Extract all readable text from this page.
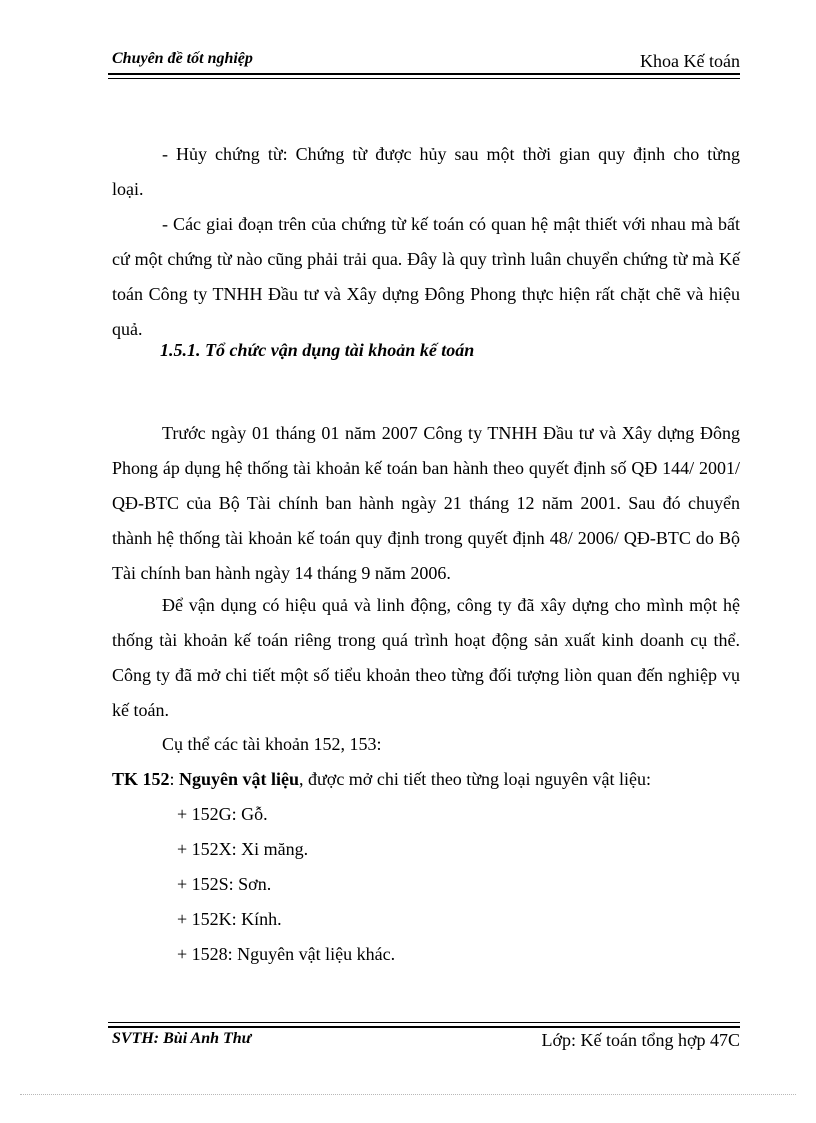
Chuyên đề tốt nghiệp	Khoa Kế toán

- Hủy chứng từ: Chứng từ được hủy sau một thời gian quy định cho từng

loại.

- Các giai đoạn trên của chứng từ kế toán có quan hệ mật thiết với nhau mà bất cứ một chứng từ nào cũng phải trải qua. Đây là quy trình luân chuyển chứng từ mà Kế toán Công ty TNHH Đầu tư và Xây dựng Đông Phong thực hiện rất chặt chẽ và hiệu quả.

1.5.1. Tổ chức vận dụng tài khoản kế toán

Trước ngày 01 tháng 01 năm 2007 Công ty TNHH Đầu tư và Xây dựng Đông Phong áp dụng hệ thống tài khoản kế toán ban hành theo quyết định số QĐ 144/ 2001/ QĐ-BTC của Bộ Tài chính ban hành ngày 21 tháng 12 năm 2001. Sau đó chuyển thành hệ thống tài khoản kế toán quy định trong quyết định 48/ 2006/ QĐ-BTC do Bộ Tài chính ban hành ngày 14 tháng 9 năm 2006.

Để vận dụng có hiệu quả và linh động, công ty đã xây dựng cho mình một hệ thống tài khoản kế toán riêng trong quá trình hoạt động sản xuất kinh doanh cụ thể. Công ty đã mở chi tiết một số tiểu khoản theo từng đối tượng liòn quan đến nghiệp vụ kế toán.

Cụ thể các tài khoản 152, 153:

TK 152: Nguyên vật liệu, được mở chi tiết theo từng loại nguyên vật liệu:
+ 152G: Gỗ.
+ 152X: Xi măng.
+ 152S: Sơn.
+ 152K: Kính.
+ 1528: Nguyên vật liệu khác.
SVTH: Bùi Anh Thư	Lớp: Kế toán tổng hợp 47C
